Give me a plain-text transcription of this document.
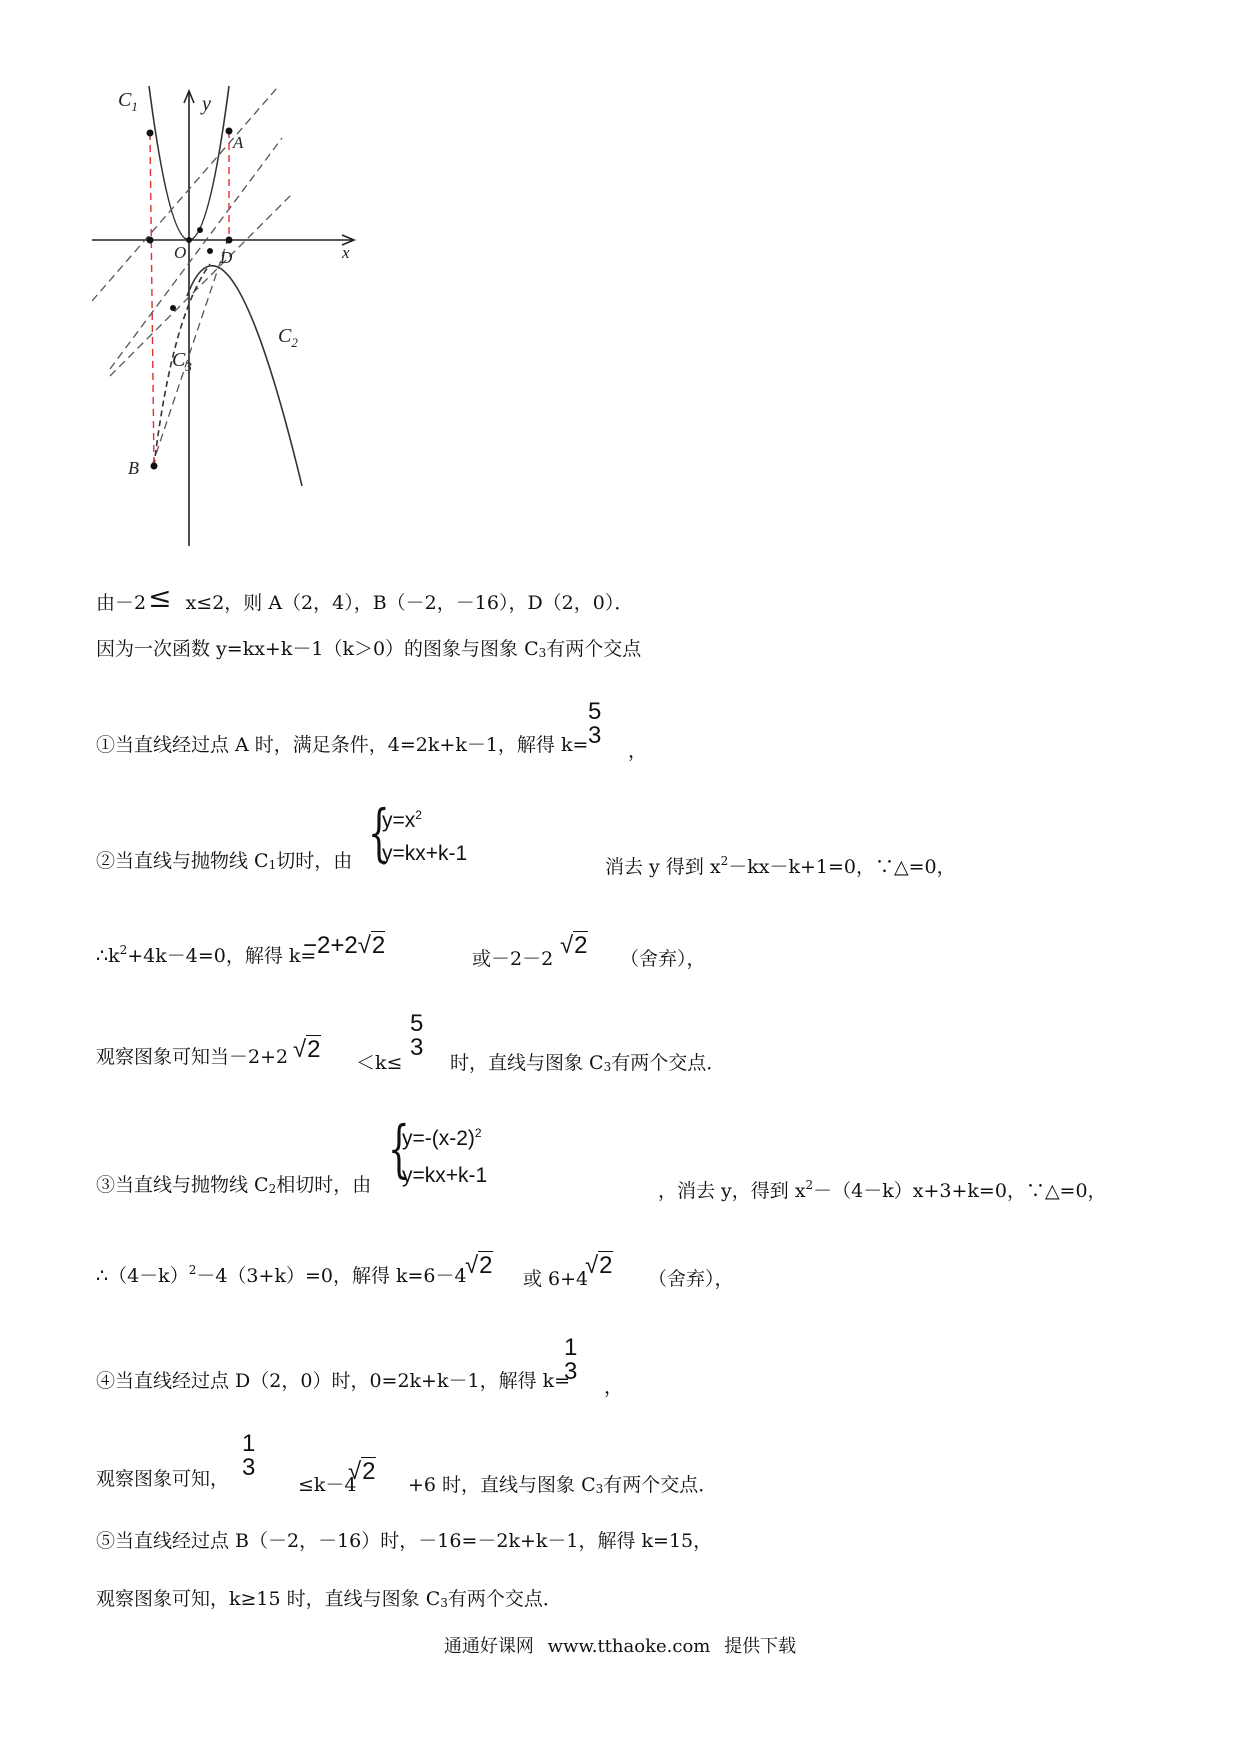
$C_1$	y
A
x
O D
$C_2$
$C_3$
B
由－2≤ x≤2，则 A（2，4），B（－2，－16），D（2，0）．
因为一次函数 y=kx+k－1（k＞0）的图象与图象 C3有两个交点
①当直线经过点 A 时，满足条件，4=2k+k－1，解得 k=
5
3
，
②当直线与抛物线 C1切时，由 {
$y=x^2$
y=kx+k-1
消去 y 得到 $x^2-kx-k+1=0$，∵△=0，
$\therefore k^2+4k-4=0$，解得 k=
−2+2√2	或－2－2 √2 （舍弃），
观察图象可知当－2+2 √2 ＜k≤
5
3
时，直线与图象 C3有两个交点．
③当直线与抛物线 C2相切时，由 {
$y=-(x-2)^2$
y=kx+k-1
，消去 y，得到 $x^2-(4-k)x+3+k=0$，∵△=0，
$\therefore(4-k)^2-4(3+k)=0$，解得 k=6－4
√2 或 6+4
√2 （舍弃），
④当直线经过点 D（2，0）时，0=2k+k－1，解得 k=
1
3
，
观察图象可知，
1
3
≤k－4
√2 +6 时，直线与图象 C3有两个交点．
⑤当直线经过点 B（－2，－16）时，－16=－2k+k－1，解得 k=15，
观察图象可知，k≥15 时，直线与图象 C3有两个交点．
通通好课网 www.tthaoke.com 提供下载
